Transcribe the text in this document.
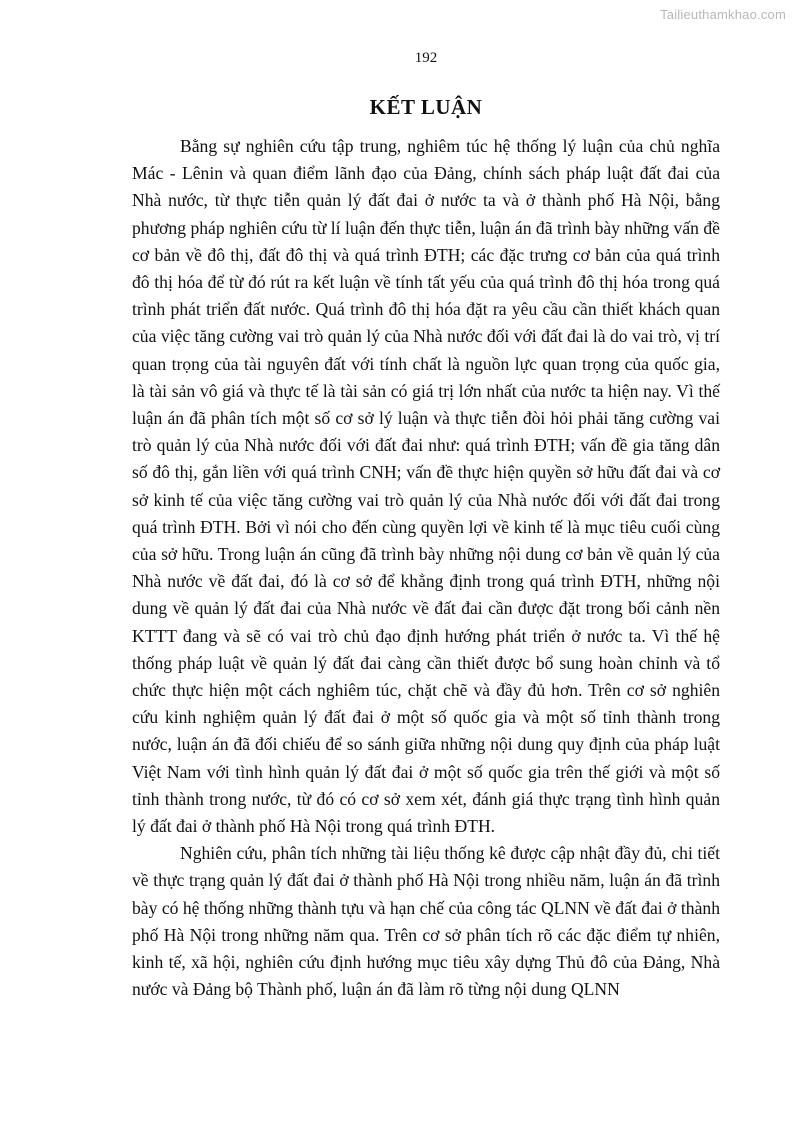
Tailieuthamkhao.com
192
KẾT LUẬN

Bằng sự nghiên cứu tập trung, nghiêm túc hệ thống lý luận của chủ nghĩa Mác - Lênin và quan điểm lãnh đạo của Đảng, chính sách pháp luật đất đai của Nhà nước, từ thực tiễn quản lý đất đai ở nước ta và ở thành phố Hà Nội, bằng phương pháp nghiên cứu từ lí luận đến thực tiễn, luận án đã trình bày những vấn đề cơ bản về đô thị, đất đô thị và quá trình ĐTH; các đặc trưng cơ bản của quá trình đô thị hóa để từ đó rút ra kết luận về tính tất yếu của quá trình đô thị hóa trong quá trình phát triển đất nước. Quá trình đô thị hóa đặt ra yêu cầu cần thiết khách quan của việc tăng cường vai trò quản lý của Nhà nước đối với đất đai là do vai trò, vị trí quan trọng của tài nguyên đất với tính chất là nguồn lực quan trọng của quốc gia, là tài sản vô giá và thực tế là tài sản có giá trị lớn nhất của nước ta hiện nay. Vì thế luận án đã phân tích một số cơ sở lý luận và thực tiễn đòi hỏi phải tăng cường vai trò quản lý của Nhà nước đối với đất đai như: quá trình ĐTH; vấn đề gia tăng dân số đô thị, gắn liền với quá trình CNH; vấn đề thực hiện quyền sở hữu đất đai và cơ sở kinh tế của việc tăng cường vai trò quản lý của Nhà nước đối với đất đai trong quá trình ĐTH. Bởi vì nói cho đến cùng quyền lợi về kinh tế là mục tiêu cuối cùng của sở hữu. Trong luận án cũng đã trình bày những nội dung cơ bản về quản lý của Nhà nước về đất đai, đó là cơ sở để khẳng định trong quá trình ĐTH, những nội dung về quản lý đất đai của Nhà nước về đất đai cần được đặt trong bối cảnh nền KTTT đang và sẽ có vai trò chủ đạo định hướng phát triển ở nước ta. Vì thế hệ thống pháp luật về quản lý đất đai càng cần thiết được bổ sung hoàn chỉnh và tổ chức thực hiện một cách nghiêm túc, chặt chẽ và đầy đủ hơn. Trên cơ sở nghiên cứu kinh nghiệm quản lý đất đai ở một số quốc gia và một số tỉnh thành trong nước, luận án đã đối chiếu để so sánh giữa những nội dung quy định của pháp luật Việt Nam với tình hình quản lý đất đai ở một số quốc gia trên thế giới và một số tỉnh thành trong nước, từ đó có cơ sở xem xét, đánh giá thực trạng tình hình quản lý đất đai ở thành phố Hà Nội trong quá trình ĐTH.

Nghiên cứu, phân tích những tài liệu thống kê được cập nhật đầy đủ, chi tiết về thực trạng quản lý đất đai ở thành phố Hà Nội trong nhiều năm, luận án đã trình bày có hệ thống những thành tựu và hạn chế của công tác QLNN về đất đai ở thành phố Hà Nội trong những năm qua. Trên cơ sở phân tích rõ các đặc điểm tự nhiên, kinh tế, xã hội, nghiên cứu định hướng mục tiêu xây dựng Thủ đô của Đảng, Nhà nước và Đảng bộ Thành phố, luận án đã làm rõ từng nội dung QLNN
